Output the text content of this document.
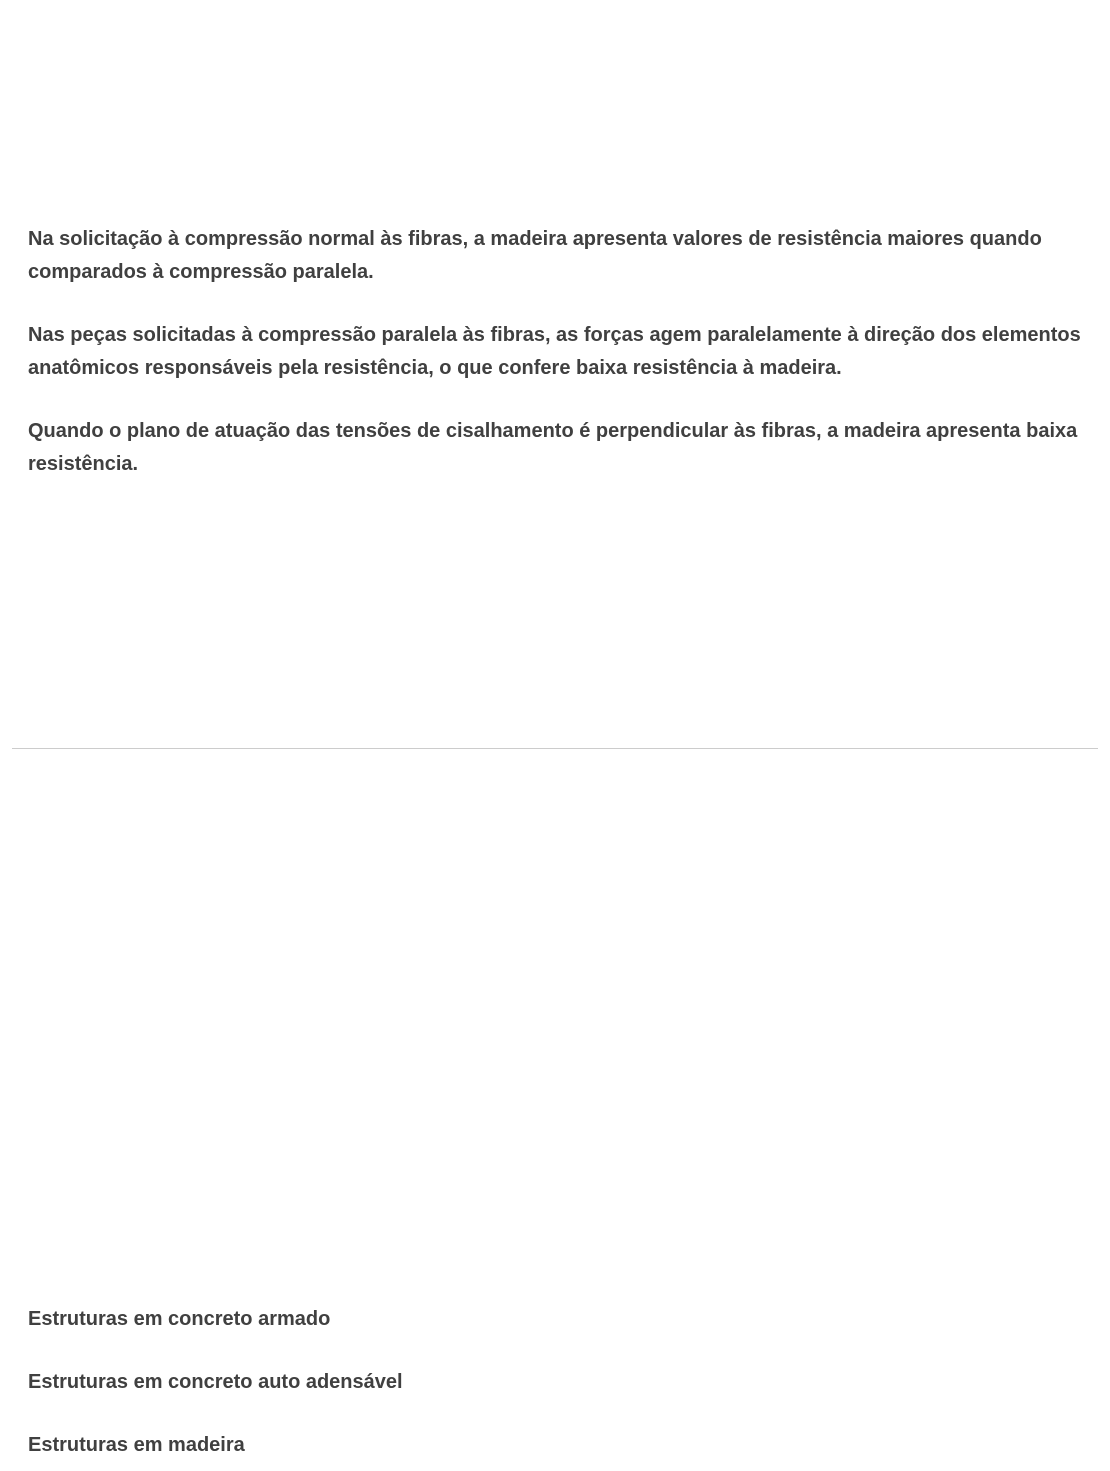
Na solicitação à compressão normal às fibras, a madeira apresenta valores de resistência maiores quando comparados à compressão paralela.

Nas peças solicitadas à compressão paralela às fibras, as forças agem paralelamente à direção dos elementos anatômicos responsáveis pela resistência, o que confere baixa resistência à madeira.

Quando o plano de atuação das tensões de cisalhamento é perpendicular às fibras, a madeira apresenta baixa resistência.

Estruturas em concreto armado

Estruturas em concreto auto adensável

Estruturas em madeira
